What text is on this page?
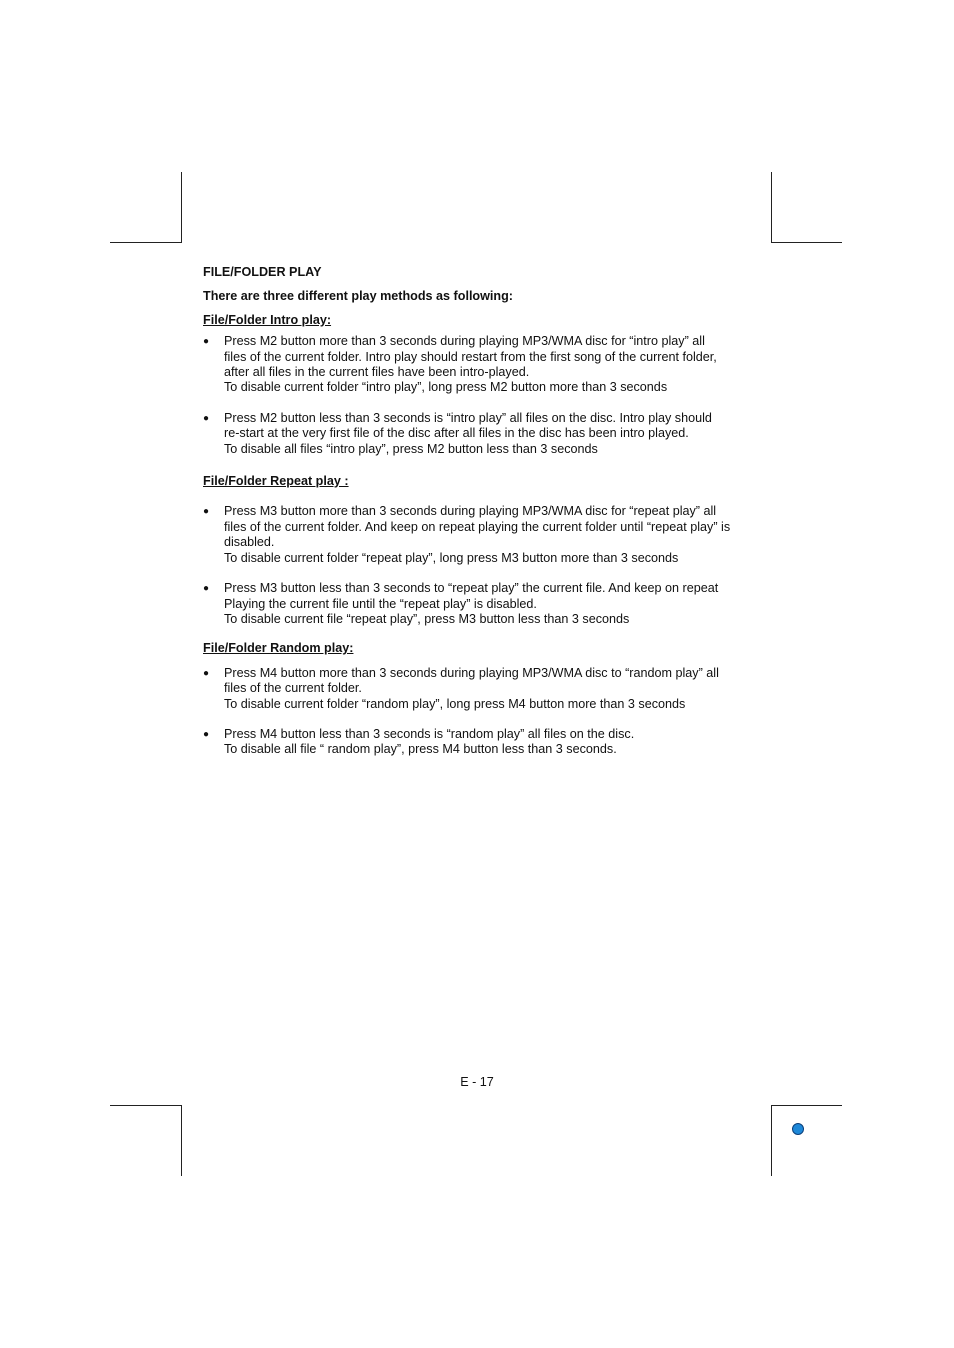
FILE/FOLDER PLAY

There are three different play methods as following:

File/Folder Intro play:

● Press M2 button more than 3 seconds during playing MP3/WMA disc for “intro play” all
files of the current folder. Intro play should restart from the first song of the current folder,
after all files in the current files have been intro-played.
To disable current folder “intro play”, long press M2 button more than 3 seconds
● Press M2 button less than 3 seconds is “intro play” all files on the disc. Intro play should
re-start at the very first file of the disc after all files in the disc has been intro played.
To disable all files “intro play”, press M2 button less than 3 seconds

File/Folder Repeat play :

● Press M3 button more than 3 seconds during playing MP3/WMA disc for “repeat play” all
files of the current folder. And keep on repeat playing the current folder until “repeat play” is
disabled.
To disable current folder “repeat play”, long press M3 button more than 3 seconds
● Press M3 button less than 3 seconds to “repeat play” the current file. And keep on repeat
Playing the current file until the “repeat play” is disabled.
To disable current file “repeat play”, press M3 button less than 3 seconds

File/Folder Random play:

● Press M4 button more than 3 seconds during playing MP3/WMA disc to “random play” all
files of the current folder.
To disable current folder “random play”, long press M4 button more than 3 seconds
● Press M4 button less than 3 seconds is “random play” all files on the disc.
To disable all file “ random play”, press M4 button less than 3 seconds.
E - 17
